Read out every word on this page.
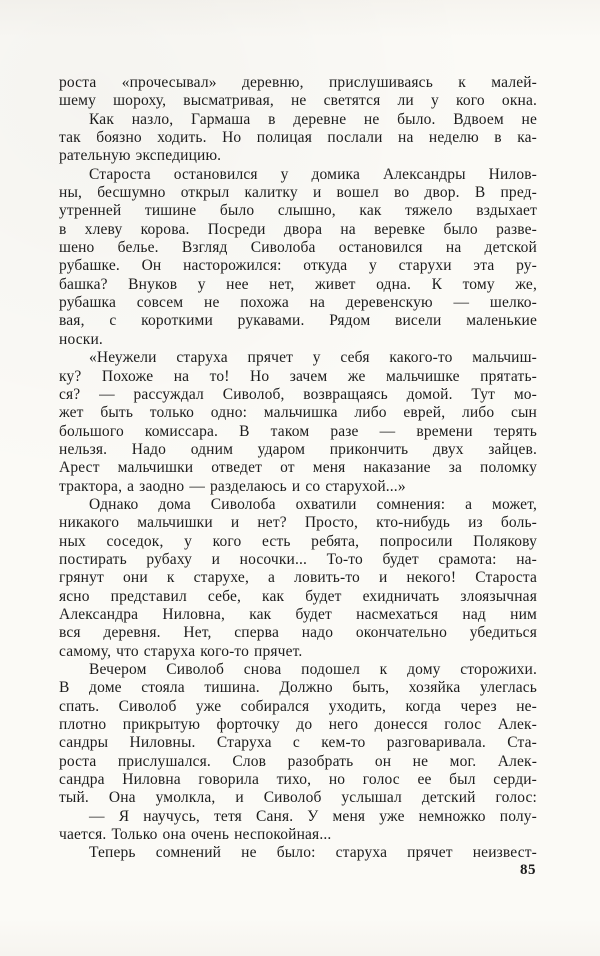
роста «прочесывал» деревню, прислушиваясь к малей-
шему шороху, высматривая, не светятся ли у кого окна.
Как назло, Гармаша в деревне не было. Вдвоем не
так боязно ходить. Но полицая послали на неделю в ка-
рательную экспедицию.
Староста остановился у домика Александры Нилов-
ны, бесшумно открыл калитку и вошел во двор. В пред-
утренней тишине было слышно, как тяжело вздыхает
в хлеву корова. Посреди двора на веревке было разве-
шено белье. Взгляд Сиволоба остановился на детской
рубашке. Он насторожился: откуда у старухи эта ру-
башка? Внуков у нее нет, живет одна. К тому же,
рубашка совсем не похожа на деревенскую — шелко-
вая, с короткими рукавами. Рядом висели маленькие
носки.
«Неужели старуха прячет у себя какого-то мальчиш-
ку? Похоже на то! Но зачем же мальчишке прятать-
ся? — рассуждал Сиволоб, возвращаясь домой. Тут мо-
жет быть только одно: мальчишка либо еврей, либо сын
большого комиссара. В таком разе — времени терять
нельзя. Надо одним ударом прикончить двух зайцев.
Арест мальчишки отведет от меня наказание за поломку
трактора, а заодно — разделаюсь и со старухой...»
Однако дома Сиволоба охватили сомнения: а может,
никакого мальчишки и нет? Просто, кто-нибудь из боль-
ных соседок, у кого есть ребята, попросили Полякову
постирать рубаху и носочки... То-то будет срамота: на-
грянут они к старухе, а ловить-то и некого! Староста
ясно представил себе, как будет ехидничать злоязычная
Александра Ниловна, как будет насмехаться над ним
вся деревня. Нет, сперва надо окончательно убедиться
самому, что старуха кого-то прячет.
Вечером Сиволоб снова подошел к дому сторожихи.
В доме стояла тишина. Должно быть, хозяйка улеглась
спать. Сиволоб уже собирался уходить, когда через не-
плотно прикрытую форточку до него донесся голос Алек-
сандры Ниловны. Старуха с кем-то разговаривала. Ста-
роста прислушался. Слов разобрать он не мог. Алек-
сандра Ниловна говорила тихо, но голос ее был серди-
тый. Она умолкла, и Сиволоб услышал детский голос:
— Я научусь, тетя Саня. У меня уже немножко полу-
чается. Только она очень неспокойная...
Теперь сомнений не было: старуха прячет неизвест-
85
